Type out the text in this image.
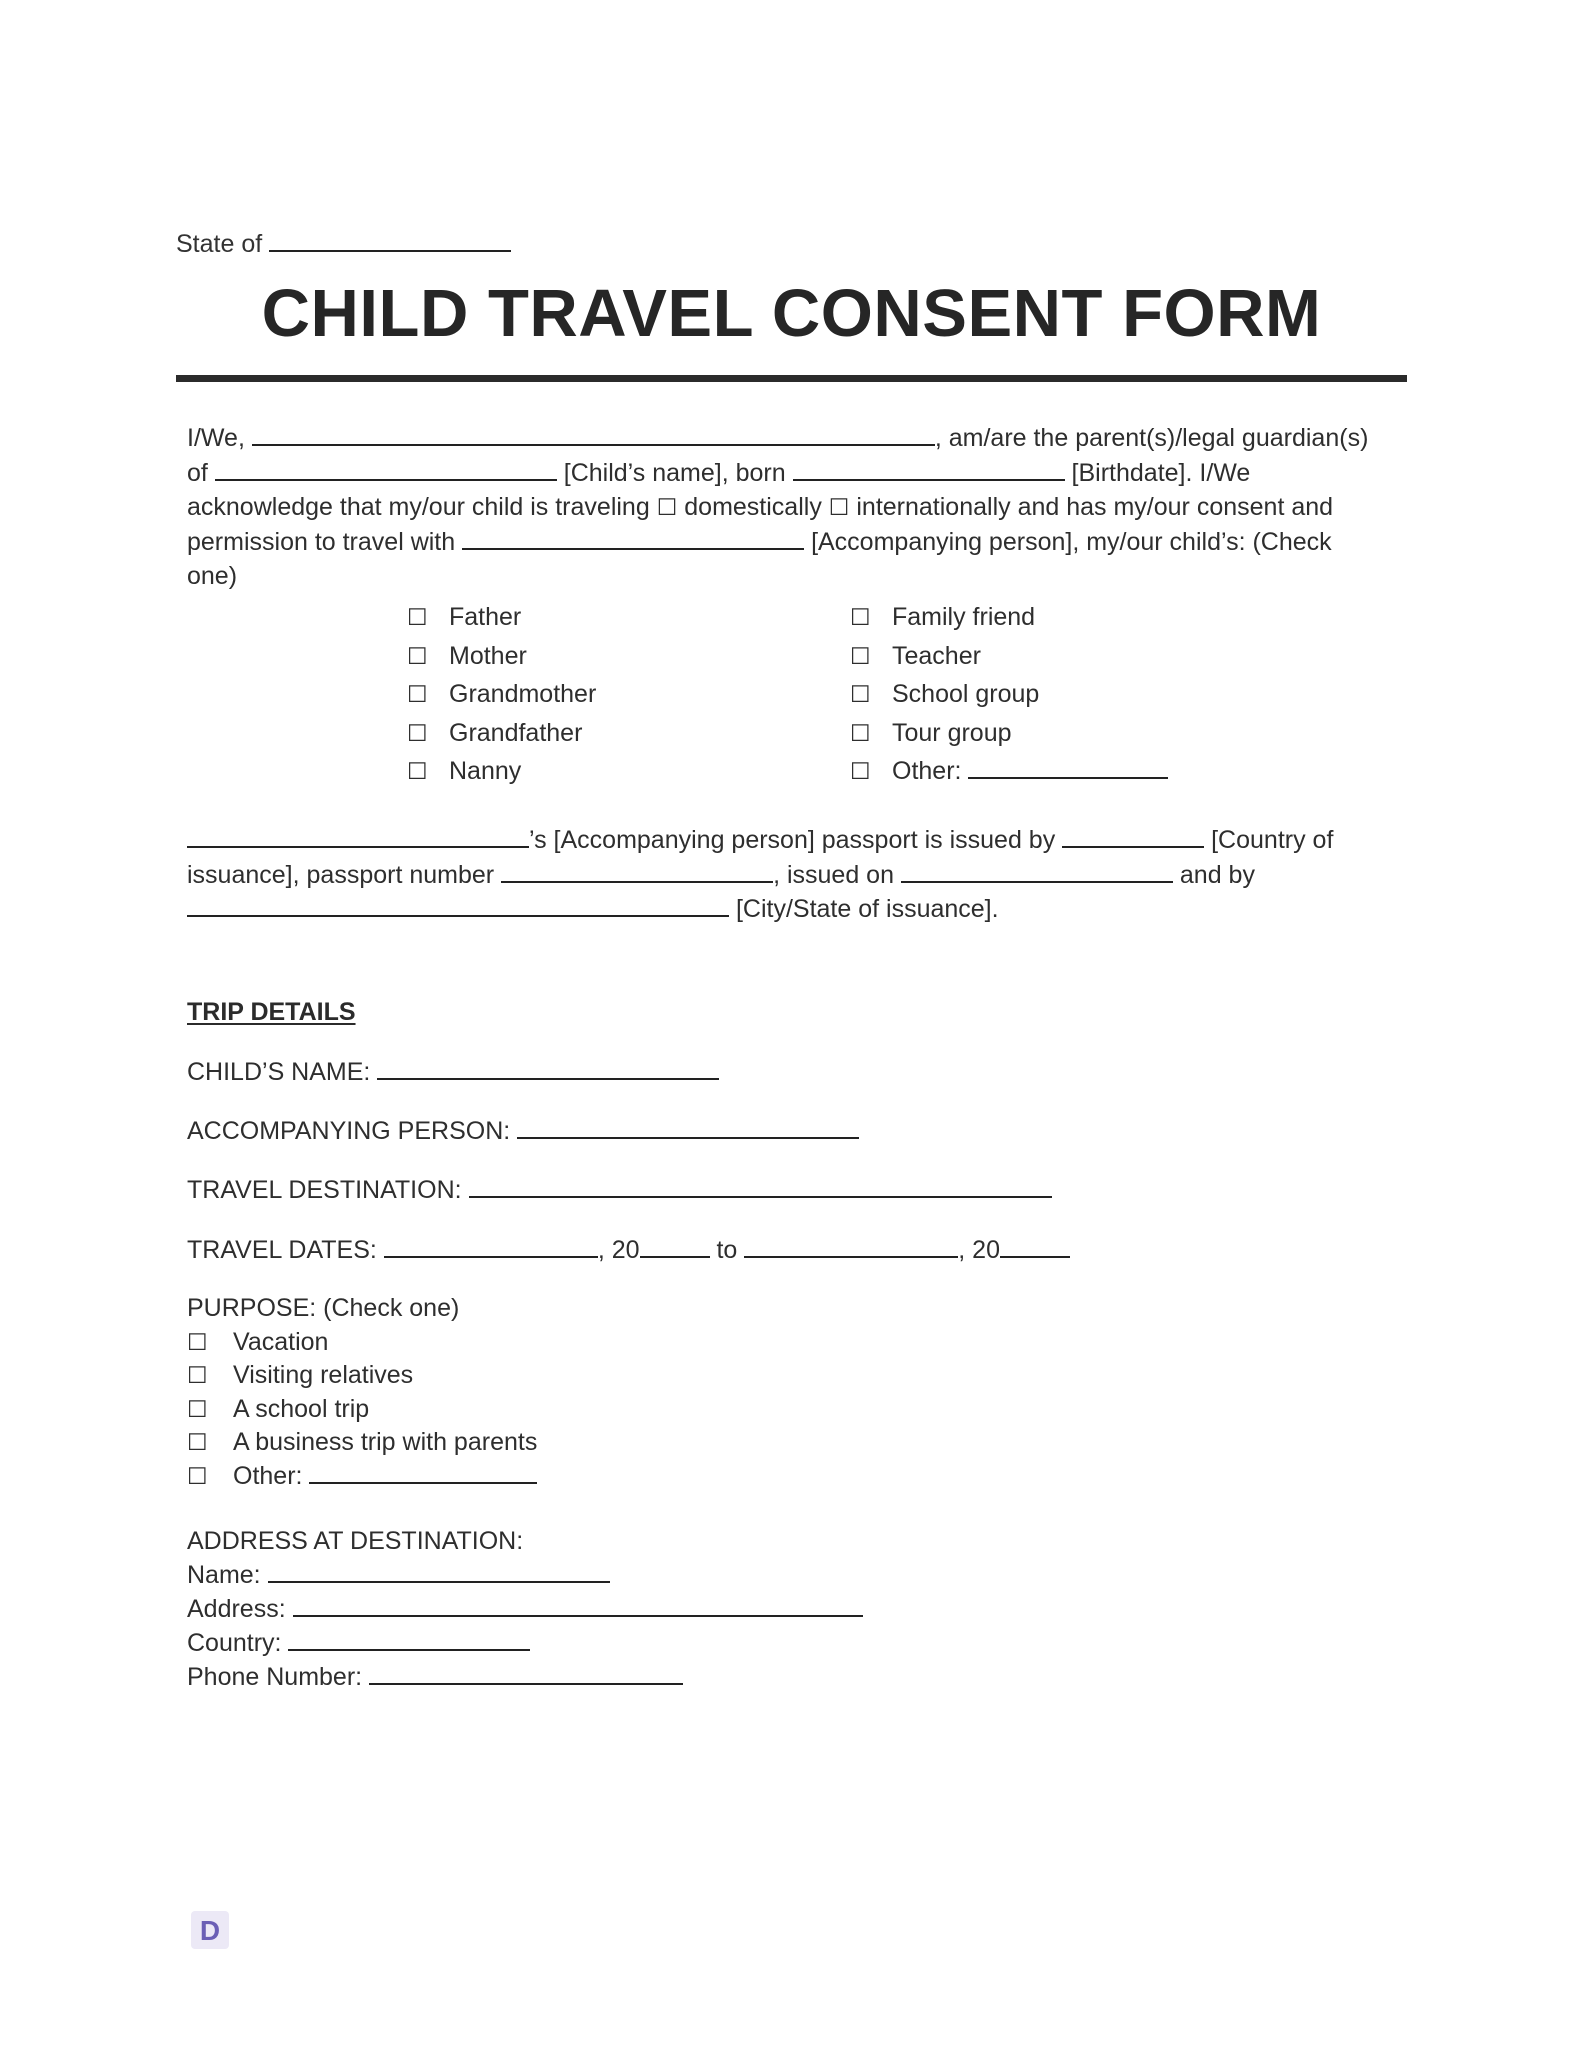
State of
CHILD TRAVEL CONSENT FORM
I/We,	, am/are the parent(s)/legal guardian(s)
of	[Child’s name], born	[Birthdate]. I/We
acknowledge that my/our child is traveling ☐ domestically ☐ internationally and has my/our consent and
permission to travel with	[Accompanying person], my/our child’s: (Check
one)
☐ Father
☐ Mother
☐ Grandmother
☐ Grandfather
☐ Nanny
☐ Family friend
☐ Teacher
☐ School group
☐ Tour group
☐ Other:
’s [Accompanying person] passport is issued by	[Country of
issuance], passport number	, issued on	and by
[City/State of issuance].
TRIP DETAILS
CHILD’S NAME:
ACCOMPANYING PERSON:
TRAVEL DESTINATION:
TRAVEL DATES:	, 20	to	, 20
PURPOSE: (Check one)
☐ Vacation
☐ Visiting relatives
☐ A school trip
☐ A business trip with parents
☐ Other:
ADDRESS AT DESTINATION:
Name:
Address:
Country:
Phone Number:
D
